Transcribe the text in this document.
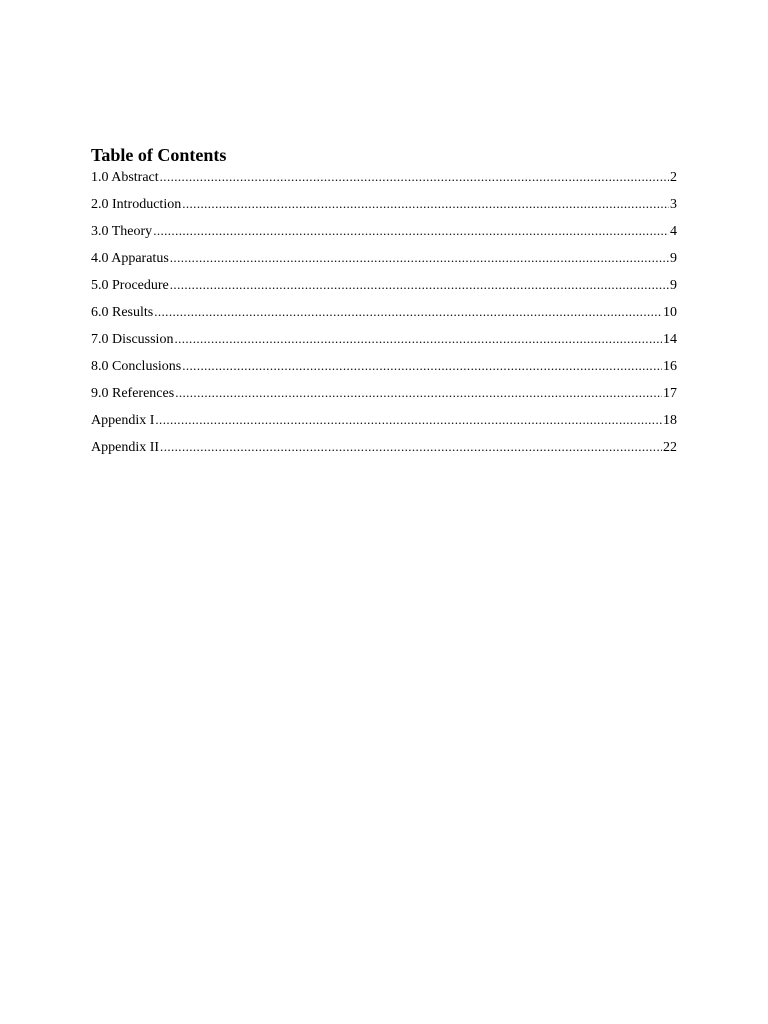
Table of Contents
1.0 Abstract .....	2
2.0 Introduction .....	3
3.0 Theory .....	4
4.0 Apparatus .....	9
5.0 Procedure .....	9
6.0 Results .....	10
7.0 Discussion .....	14
8.0 Conclusions .....	16
9.0 References .....	17
Appendix I .....	18
Appendix II .....	22
